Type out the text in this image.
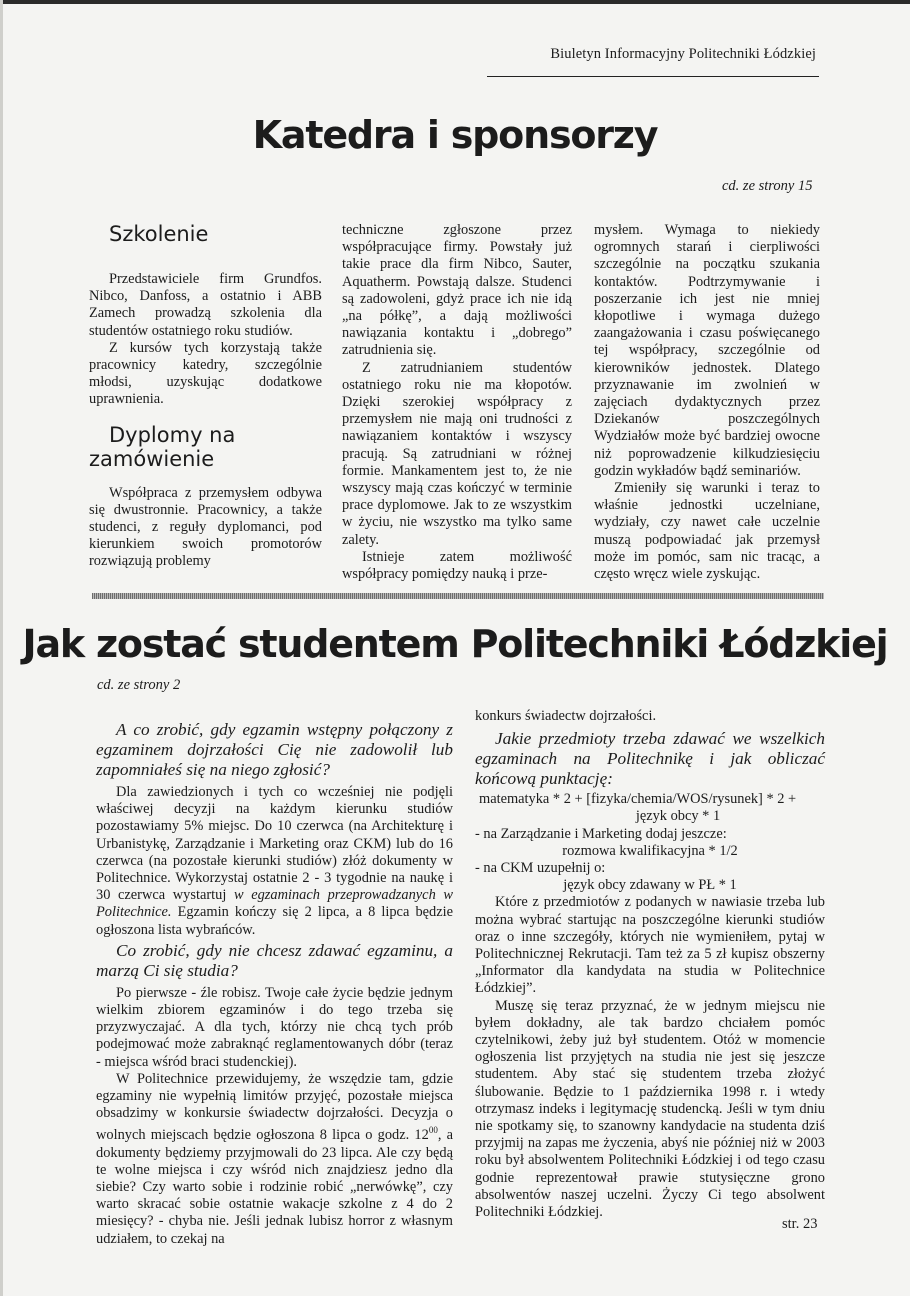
Biuletyn Informacyjny Politechniki Łódzkiej
Katedra i sponsorzy
cd. ze strony 15

Szkolenie

Przedstawiciele firm Grundfos. Nibco, Danfoss, a ostatnio i ABB Zamech prowadzą szkolenia dla studentów ostatniego roku studiów.

Z kursów tych korzystają także pracownicy katedry, szczególnie młodsi, uzyskując dodatkowe uprawnienia.

Dyplomy na zamówienie

Współpraca z przemysłem odbywa się dwustronnie. Pracownicy, a także studenci, z reguły dyplomanci, pod kierunkiem swoich promotorów rozwiązują problemy

techniczne zgłoszone przez współpracujące firmy. Powstały już takie prace dla firm Nibco, Sauter, Aquatherm. Powstają dalsze. Studenci są zadowoleni, gdyż prace ich nie idą „na półkę”, a dają możliwości nawiązania kontaktu i „dobrego” zatrudnienia się.

Z zatrudnianiem studentów ostatniego roku nie ma kłopotów. Dzięki szerokiej współpracy z przemysłem nie mają oni trudności z nawiązaniem kontaktów i wszyscy pracują. Są zatrudniani w różnej formie. Mankamentem jest to, że nie wszyscy mają czas kończyć w terminie prace dyplomowe. Jak to ze wszystkim w życiu, nie wszystko ma tylko same zalety.

Istnieje zatem możliwość współpracy pomiędzy nauką i prze-

mysłem. Wymaga to niekiedy ogromnych starań i cierpliwości szczególnie na początku szukania kontaktów. Podtrzymywanie i poszerzanie ich jest nie mniej kłopotliwe i wymaga dużego zaangażowania i czasu poświęcanego tej współpracy, szczególnie od kierowników jednostek. Dlatego przyznawanie im zwolnień w zajęciach dydaktycznych przez Dziekanów poszczególnych Wydziałów może być bardziej owocne niż poprowadzenie kilkudziesięciu godzin wykładów bądź seminariów.

Zmieniły się warunki i teraz to właśnie jednostki uczelniane, wydziały, czy nawet całe uczelnie muszą podpowiadać jak przemysł może im pomóc, sam nic tracąc, a często wręcz wiele zyskując.

Jak zostać studentem Politechniki Łódzkiej
cd. ze strony 2

A co zrobić, gdy egzamin wstępny połączony z egzaminem dojrzałości Cię nie zadowolił lub zapomniałeś się na niego zgłosić?

Dla zawiedzionych i tych co wcześniej nie podjęli właściwej decyzji na każdym kierunku studiów pozostawiamy 5% miejsc. Do 10 czerwca (na Architekturę i Urbanistykę, Zarządzanie i Marketing oraz CKM) lub do 16 czerwca (na pozostałe kierunki studiów) złóż dokumenty w Politechnice. Wykorzystaj ostatnie 2 - 3 tygodnie na naukę i 30 czerwca wystartuj w egzaminach przeprowadzanych w Politechnice. Egzamin kończy się 2 lipca, a 8 lipca będzie ogłoszona lista wybrańców.

Co zrobić, gdy nie chcesz zdawać egzaminu, a marzą Ci się studia?

Po pierwsze - źle robisz. Twoje całe życie będzie jednym wielkim zbiorem egzaminów i do tego trzeba się przyzwyczajać. A dla tych, którzy nie chcą tych prób podejmować może zabraknąć reglamentowanych dóbr (teraz - miejsca wśród braci studenckiej).

W Politechnice przewidujemy, że wszędzie tam, gdzie egzaminy nie wypełnią limitów przyjęć, pozostałe miejsca obsadzimy w konkursie świadectw dojrzałości. Decyzja o wolnych miejscach będzie ogłoszona 8 lipca o godz. $12^{00}$, a dokumenty będziemy przyjmowali do 23 lipca. Ale czy będą te wolne miejsca i czy wśród nich znajdziesz jedno dla siebie? Czy warto sobie i rodzinie robić „nerwówkę”, czy warto skracać sobie ostatnie wakacje szkolne z 4 do 2 miesięcy? - chyba nie. Jeśli jednak lubisz horror z własnym udziałem, to czekaj na

konkurs świadectw dojrzałości.

Jakie przedmioty trzeba zdawać we wszelkich egzaminach na Politechnikę i jak obliczać końcową punktację:

matematyka * 2 + [fizyka/chemia/WOS/rysunek] * 2 +

język obcy * 1

- na Zarządzanie i Marketing dodaj jeszcze:

rozmowa kwalifikacyjna * 1/2

- na CKM uzupełnij o:

język obcy zdawany w PŁ * 1

Które z przedmiotów z podanych w nawiasie trzeba lub można wybrać startując na poszczególne kierunki studiów oraz o inne szczegóły, których nie wymieniłem, pytaj w Politechnicznej Rekrutacji. Tam też za 5 zł kupisz obszerny „Informator dla kandydata na studia w Politechnice Łódzkiej”.

Muszę się teraz przyznać, że w jednym miejscu nie byłem dokładny, ale tak bardzo chciałem pomóc czytelnikowi, żeby już był studentem. Otóż w momencie ogłoszenia list przyjętych na studia nie jest się jeszcze studentem. Aby stać się studentem trzeba złożyć ślubowanie. Będzie to 1 października 1998 r. i wtedy otrzymasz indeks i legitymację studencką. Jeśli w tym dniu nie spotkamy się, to szanowny kandydacie na studenta dziś przyjmij na zapas me życzenia, abyś nie później niż w 2003 roku był absolwentem Politechniki Łódzkiej i od tego czasu godnie reprezentował prawie stutysięczne grono absolwentów naszej uczelni. Życzy Ci tego absolwent Politechniki Łódzkiej.

str. 23
